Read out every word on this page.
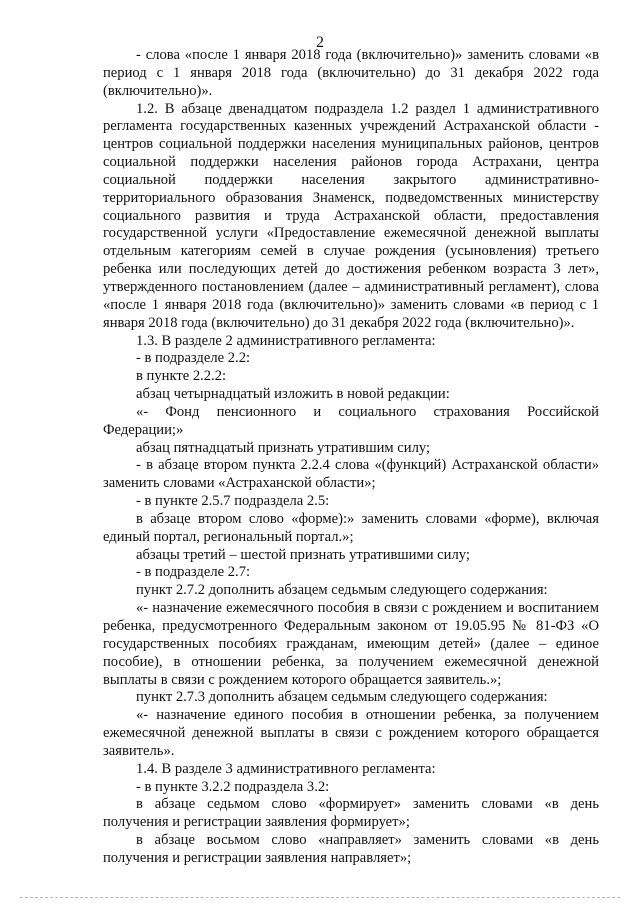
2

- слова «после 1 января 2018 года (включительно)» заменить словами «в период с 1 января 2018 года (включительно) до 31 декабря 2022 года (включительно)».

1.2. В абзаце двенадцатом подраздела 1.2 раздел 1 административного регламента государственных казенных учреждений Астраханской области - центров социальной поддержки населения муниципальных районов, центров социальной поддержки населения районов города Астрахани, центра социальной поддержки населения закрытого административно-территориального образования Знаменск, подведомственных министерству социального развития и труда Астраханской области, предоставления государственной услуги «Предоставление ежемесячной денежной выплаты отдельным категориям семей в случае рождения (усыновления) третьего ребенка или последующих детей до достижения ребенком возраста 3 лет», утвержденного постановлением (далее – административный регламент), слова «после 1 января 2018 года (включительно)» заменить словами «в период с 1 января 2018 года (включительно) до 31 декабря 2022 года (включительно)».

1.3. В разделе 2 административного регламента:

- в подразделе 2.2:

в пункте 2.2.2:

абзац четырнадцатый изложить в новой редакции:

«- Фонд пенсионного и социального страхования Российской Федерации;»

абзац пятнадцатый признать утратившим силу;

- в абзаце втором пункта 2.2.4 слова «(функций) Астраханской области» заменить словами «Астраханской области»;

- в пункте 2.5.7 подраздела 2.5:

в абзаце втором слово «форме):» заменить словами «форме), включая единый портал, региональный портал.»;

абзацы третий – шестой признать утратившими силу;

- в подразделе 2.7:

пункт 2.7.2 дополнить абзацем седьмым следующего содержания:

«- назначение ежемесячного пособия в связи с рождением и воспитанием ребенка, предусмотренного Федеральным законом от 19.05.95 № 81-ФЗ «О государственных пособиях гражданам, имеющим детей» (далее – единое пособие), в отношении ребенка, за получением ежемесячной денежной выплаты в связи с рождением которого обращается заявитель.»;

пункт 2.7.3 дополнить абзацем седьмым следующего содержания:

«- назначение единого пособия в отношении ребенка, за получением ежемесячной денежной выплаты в связи с рождением которого обращается заявитель».

1.4. В разделе 3 административного регламента:

- в пункте 3.2.2 подраздела 3.2:

в абзаце седьмом слово «формирует» заменить словами «в день получения и регистрации заявления формирует»;

в абзаце восьмом слово «направляет» заменить словами «в день получения и регистрации заявления направляет»;
